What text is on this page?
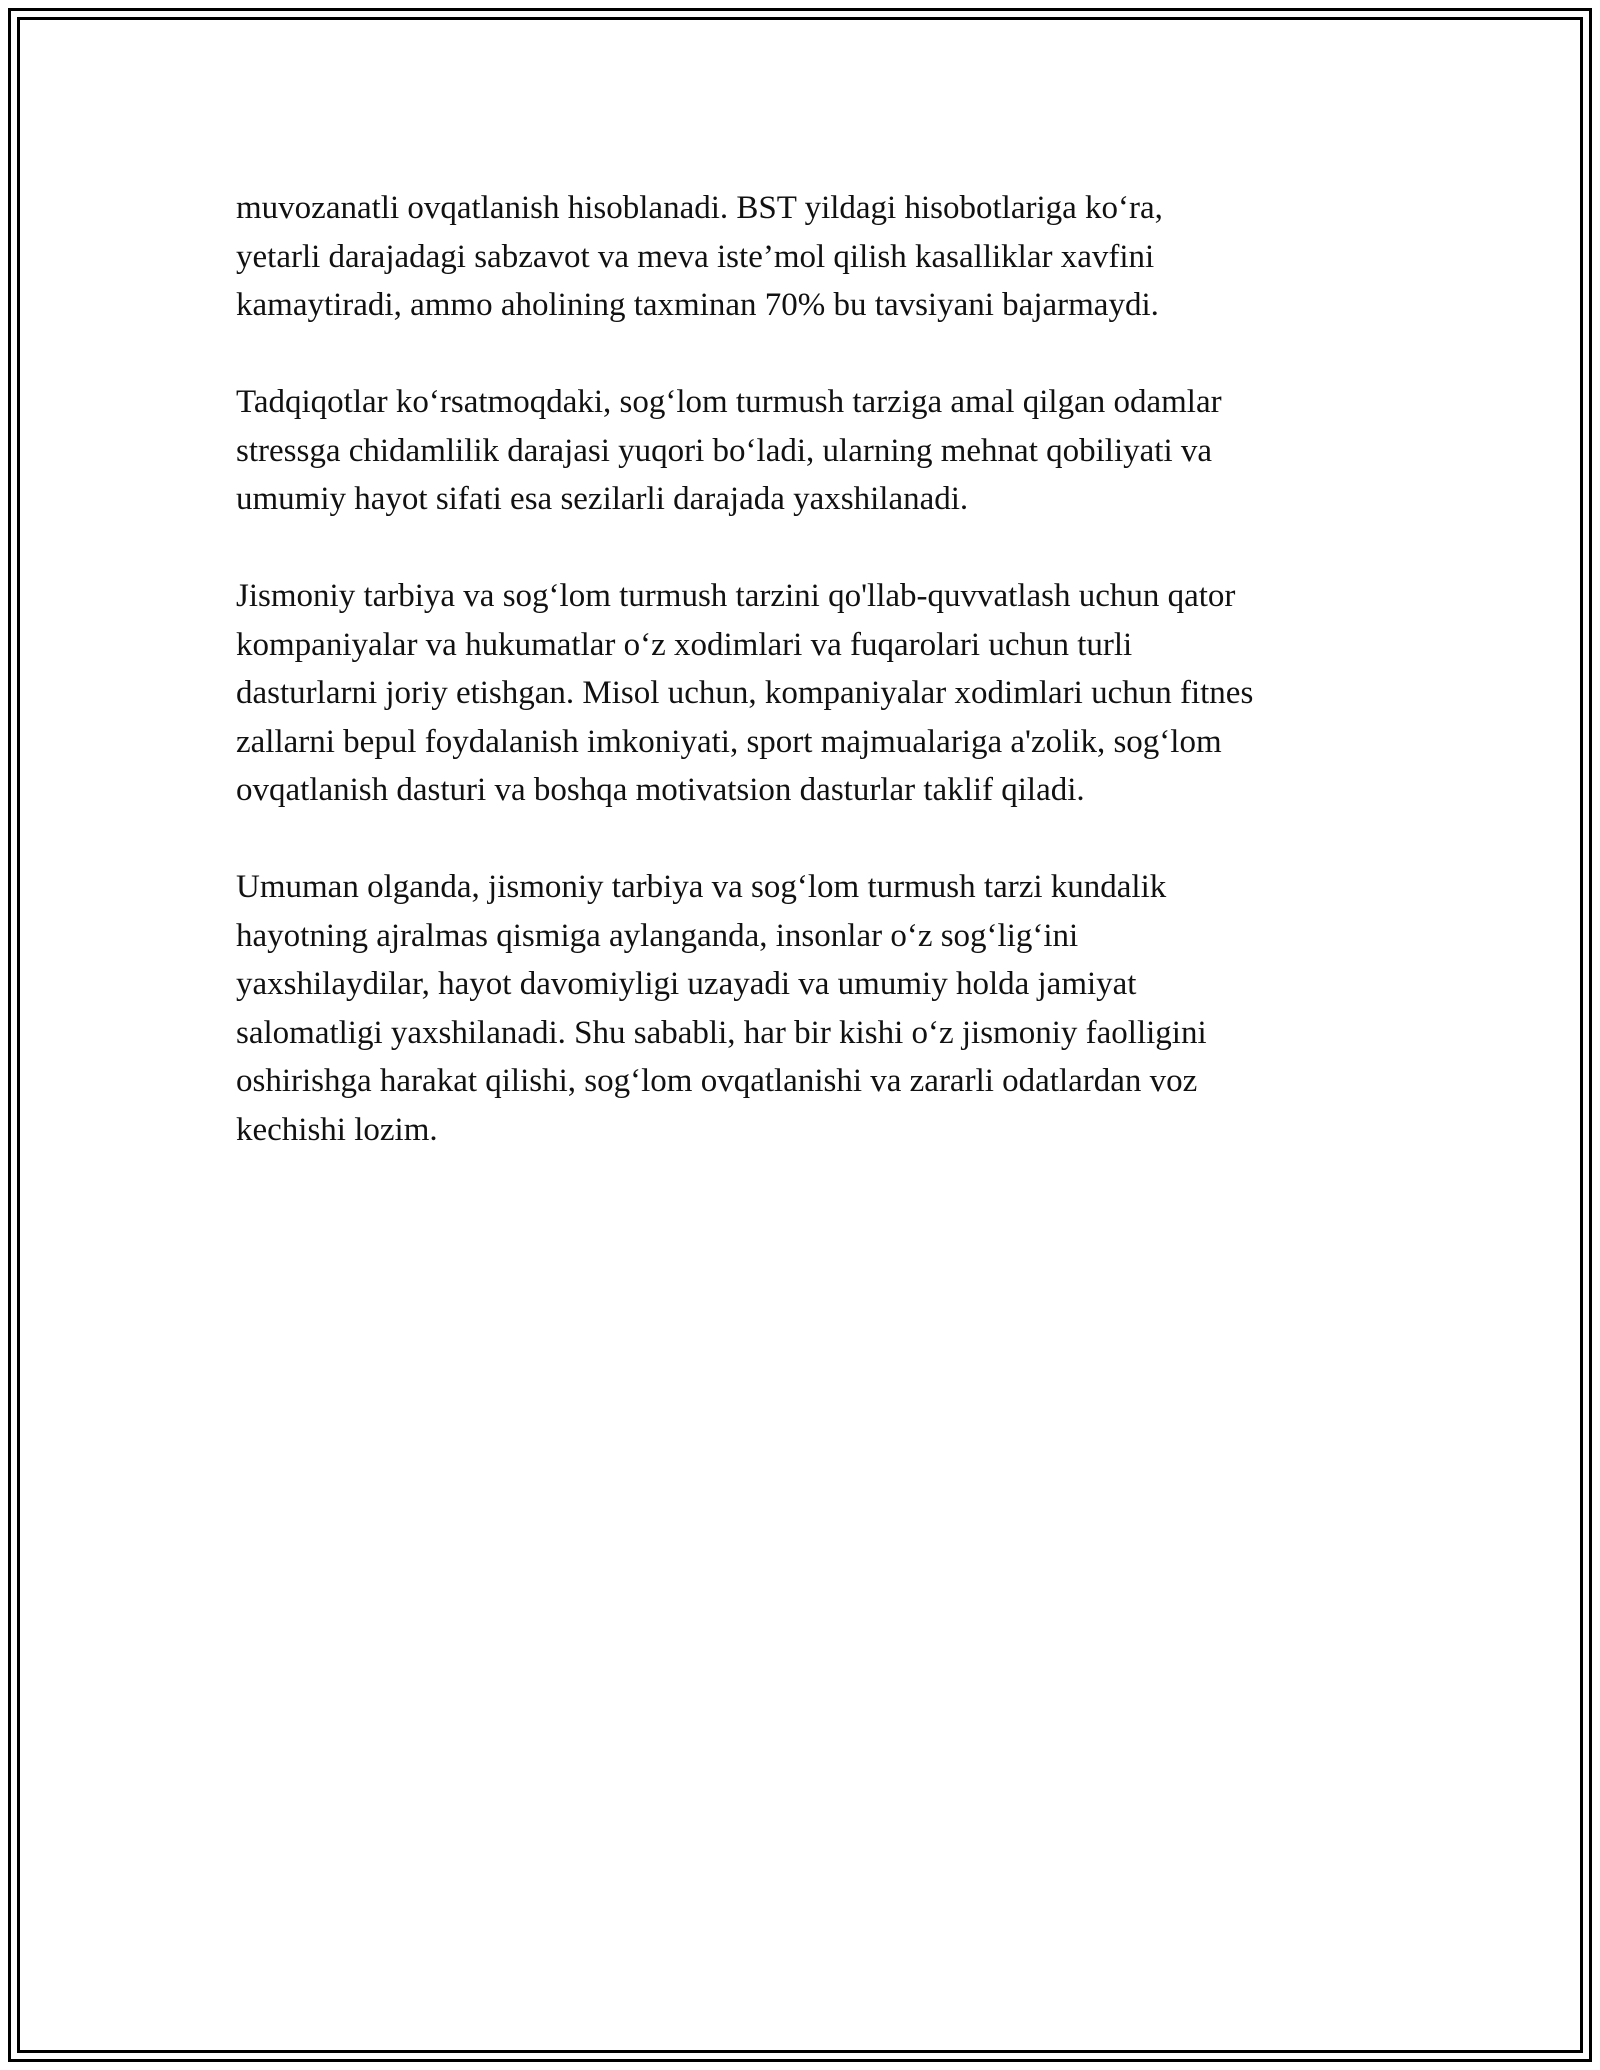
muvozanatli ovqatlanish hisoblanadi. BST yildagi hisobotlariga ko‘ra,
yetarli darajadagi sabzavot va meva iste’mol qilish kasalliklar xavfini
kamaytiradi, ammo aholining taxminan 70% bu tavsiyani bajarmaydi.

Tadqiqotlar ko‘rsatmoqdaki, sog‘lom turmush tarziga amal qilgan odamlar
stressga chidamlilik darajasi yuqori bo‘ladi, ularning mehnat qobiliyati va
umumiy hayot sifati esa sezilarli darajada yaxshilanadi.

Jismoniy tarbiya va sog‘lom turmush tarzini qo'llab-quvvatlash uchun qator
kompaniyalar va hukumatlar o‘z xodimlari va fuqarolari uchun turli
dasturlarni joriy etishgan. Misol uchun, kompaniyalar xodimlari uchun fitnes
zallarni bepul foydalanish imkoniyati, sport majmualariga a'zolik, sog‘lom
ovqatlanish dasturi va boshqa motivatsion dasturlar taklif qiladi.

Umuman olganda, jismoniy tarbiya va sog‘lom turmush tarzi kundalik
hayotning ajralmas qismiga aylanganda, insonlar o‘z sog‘lig‘ini
yaxshilaydilar, hayot davomiyligi uzayadi va umumiy holda jamiyat
salomatligi yaxshilanadi. Shu sababli, har bir kishi o‘z jismoniy faolligini
oshirishga harakat qilishi, sog‘lom ovqatlanishi va zararli odatlardan voz
kechishi lozim.
